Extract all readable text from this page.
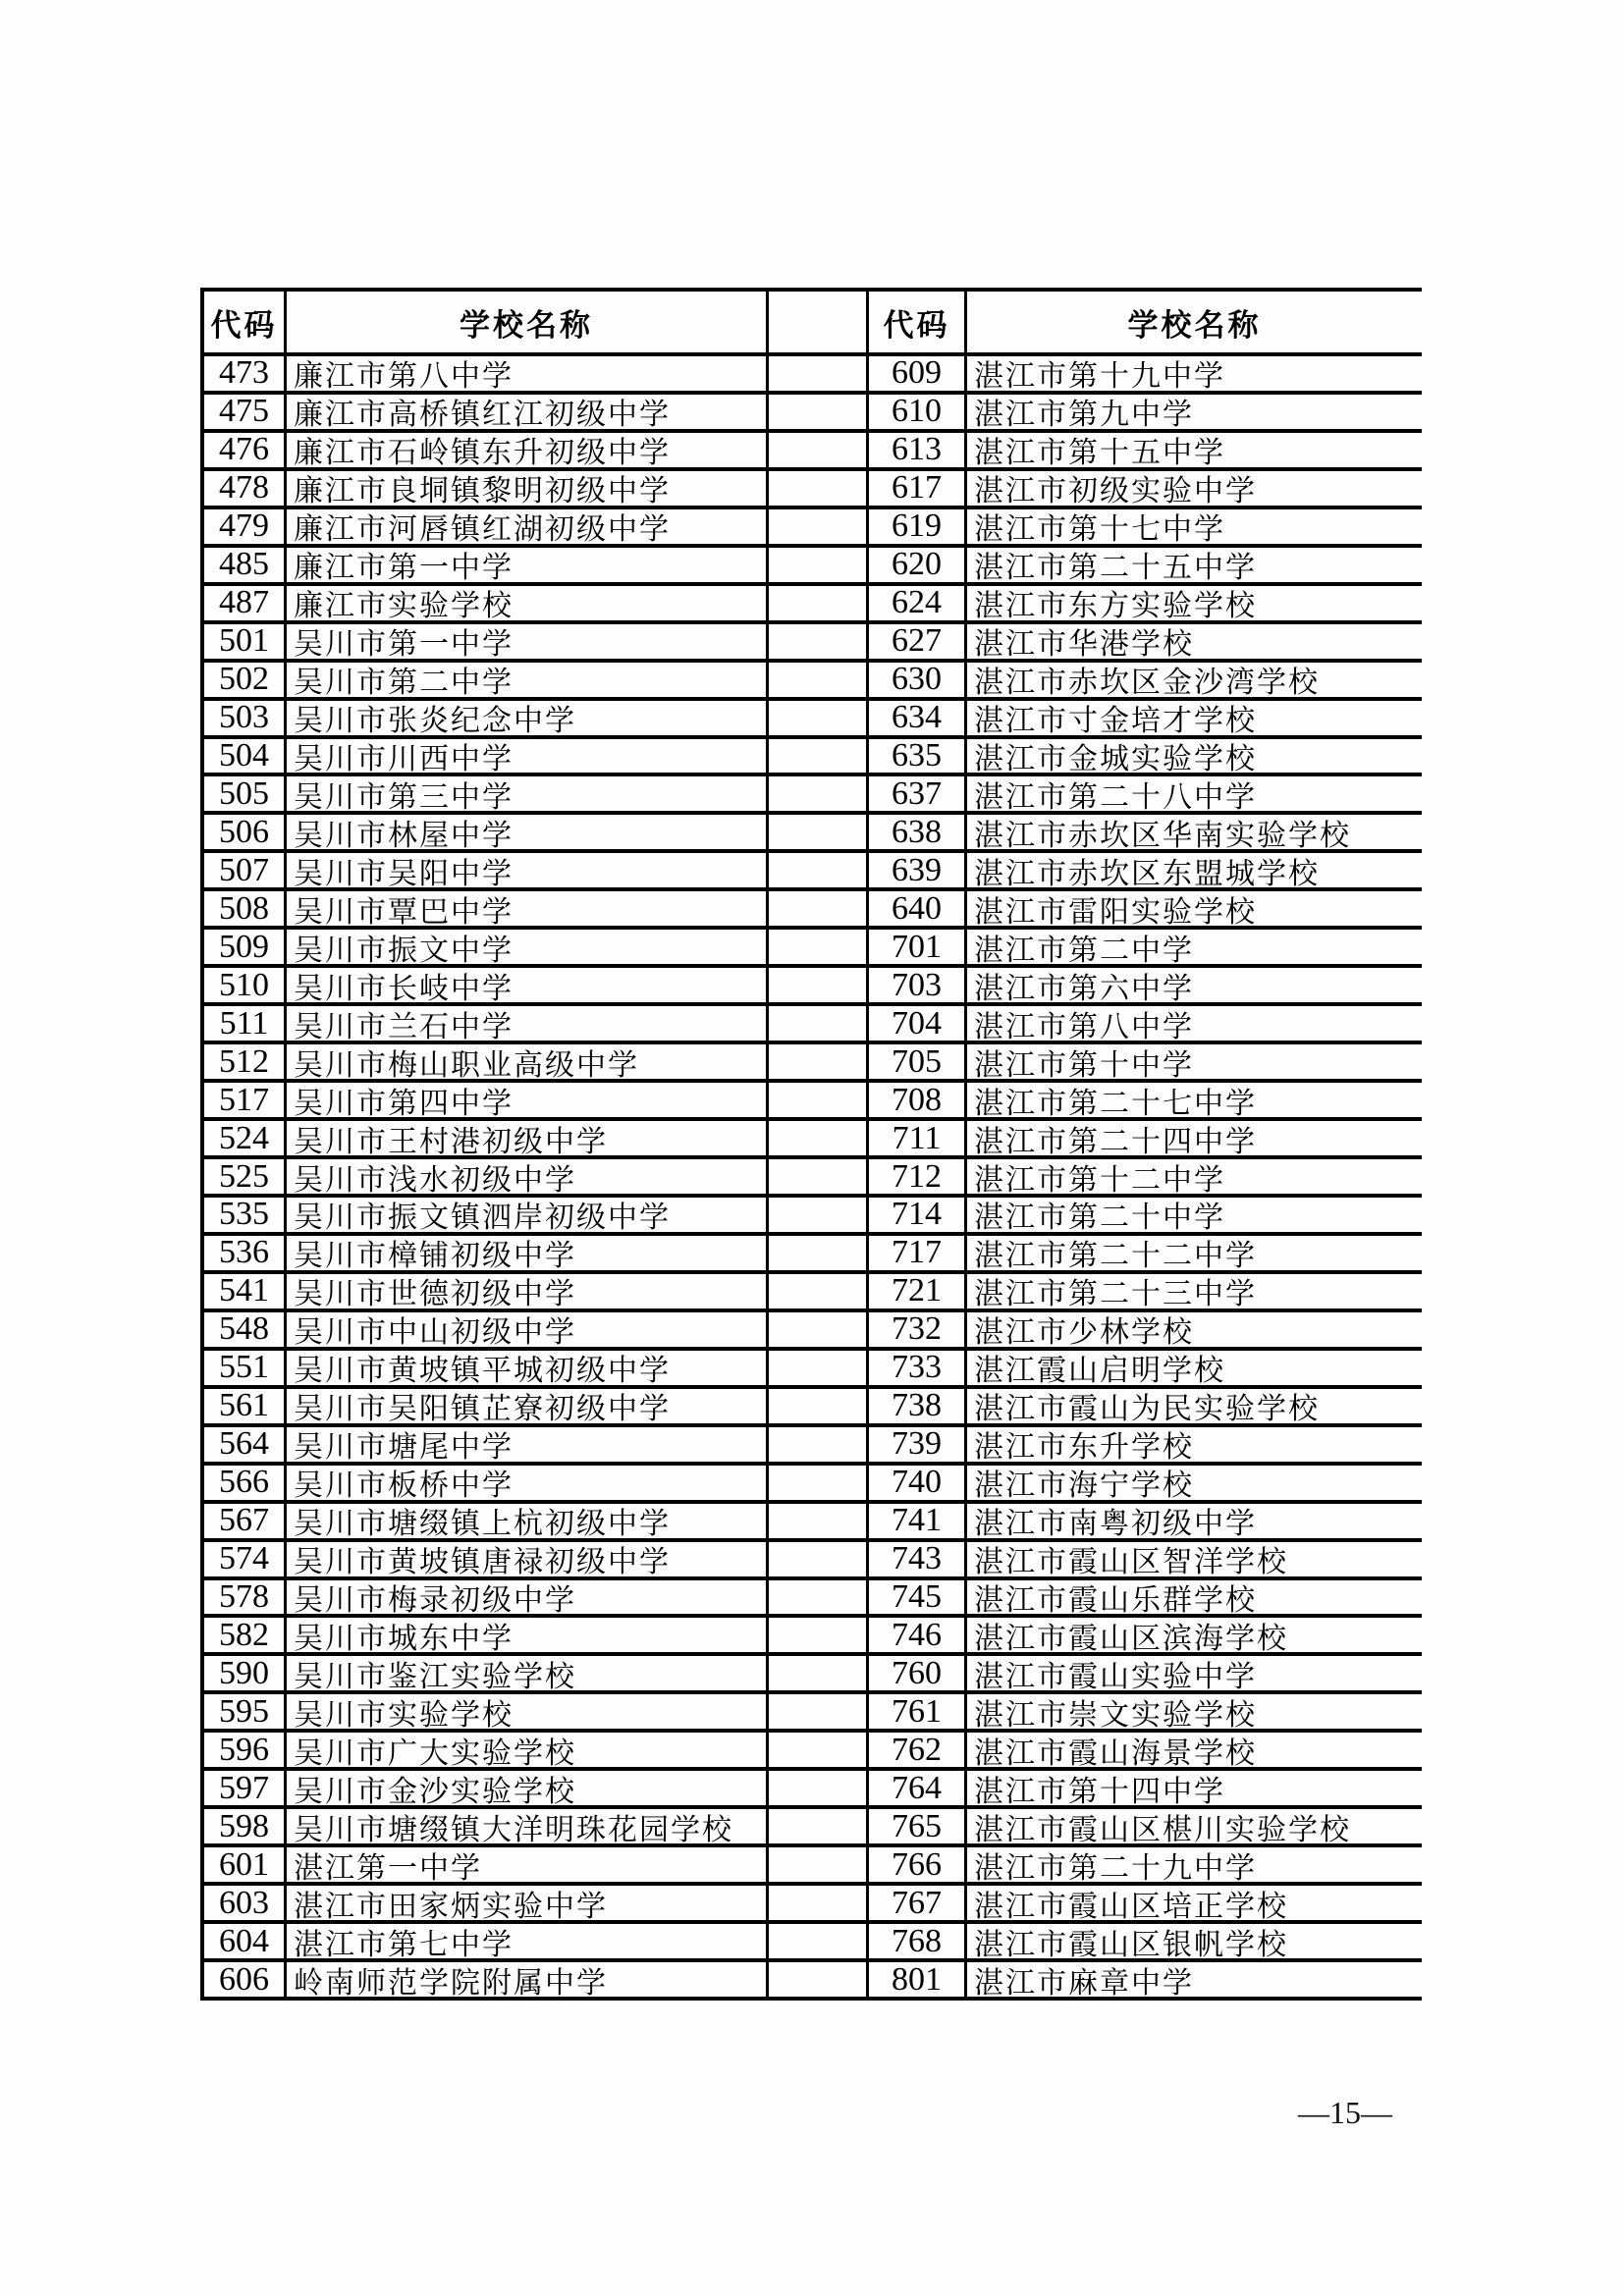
代码	学校名称	代码	学校名称
473 廉江市第八中学	609	湛江市第十九中学
475 廉江市高桥镇红江初级中学	610	湛江市第九中学
476 廉江市石岭镇东升初级中学	613	湛江市第十五中学
478 廉江市良垌镇黎明初级中学	617	湛江市初级实验中学
479 廉江市河唇镇红湖初级中学	619	湛江市第十七中学
485 廉江市第一中学	620	湛江市第二十五中学
487 廉江市实验学校	624	湛江市东方实验学校
501 吴川市第一中学	627	湛江市华港学校
502 吴川市第二中学	630	湛江市赤坎区金沙湾学校
503 吴川市张炎纪念中学	634	湛江市寸金培才学校
504 吴川市川西中学	635	湛江市金城实验学校
505 吴川市第三中学	637	湛江市第二十八中学
506 吴川市林屋中学	638	湛江市赤坎区华南实验学校
507 吴川市吴阳中学	639	湛江市赤坎区东盟城学校
508 吴川市覃巴中学	640	湛江市雷阳实验学校
509 吴川市振文中学	701	湛江市第二中学
510 吴川市长岐中学	703	湛江市第六中学
511 吴川市兰石中学	704	湛江市第八中学
512 吴川市梅山职业高级中学	705	湛江市第十中学
517 吴川市第四中学	708	湛江市第二十七中学
524 吴川市王村港初级中学	711	湛江市第二十四中学
525 吴川市浅水初级中学	712	湛江市第十二中学
535 吴川市振文镇泗岸初级中学	714	湛江市第二十中学
536 吴川市樟铺初级中学	717	湛江市第二十二中学
541 吴川市世德初级中学	721	湛江市第二十三中学
548 吴川市中山初级中学	732	湛江市少林学校
551 吴川市黄坡镇平城初级中学	733	湛江霞山启明学校
561 吴川市吴阳镇芷寮初级中学	738	湛江市霞山为民实验学校
564 吴川市塘尾中学	739	湛江市东升学校
566 吴川市板桥中学	740	湛江市海宁学校
567 吴川市塘缀镇上杭初级中学	741	湛江市南粤初级中学
574 吴川市黄坡镇唐禄初级中学	743	湛江市霞山区智洋学校
578 吴川市梅录初级中学	745	湛江市霞山乐群学校
582 吴川市城东中学	746	湛江市霞山区滨海学校
590 吴川市鉴江实验学校	760	湛江市霞山实验中学
595 吴川市实验学校	761	湛江市崇文实验学校
596 吴川市广大实验学校	762	湛江市霞山海景学校
597 吴川市金沙实验学校	764	湛江市第十四中学
598 吴川市塘缀镇大洋明珠花园学校	765	湛江市霞山区椹川实验学校
601 湛江第一中学	766	湛江市第二十九中学
603 湛江市田家炳实验中学	767	湛江市霞山区培正学校
604 湛江市第七中学	768	湛江市霞山区银帆学校
606 岭南师范学院附属中学	801	湛江市麻章中学
—15—
